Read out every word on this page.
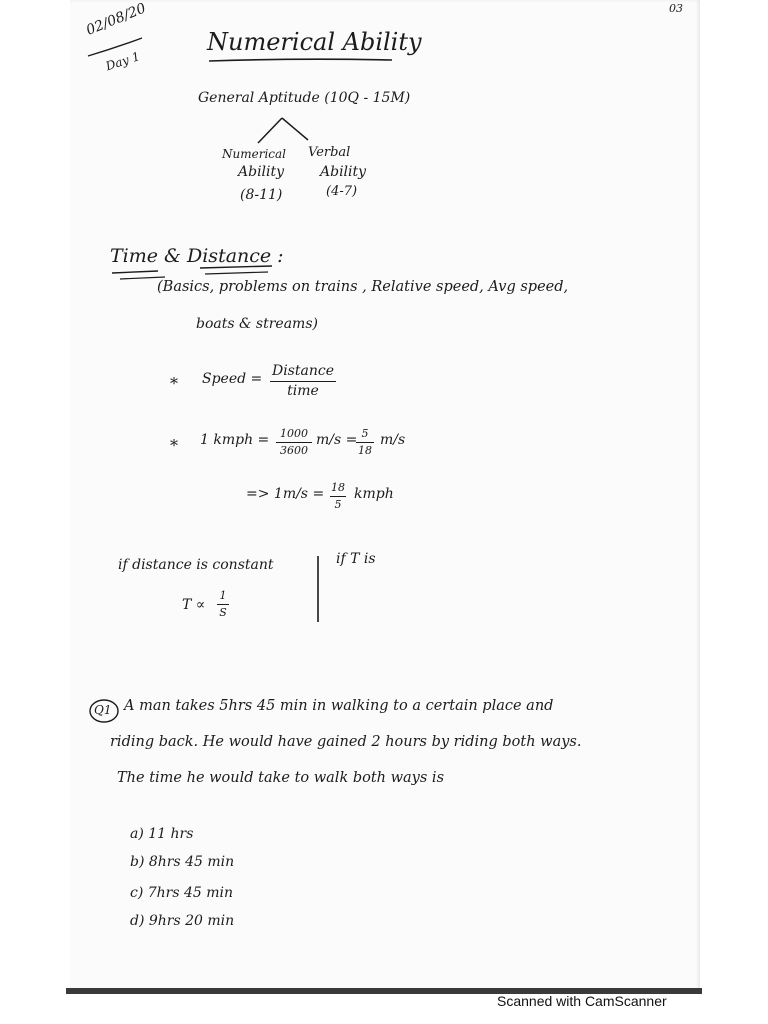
03
02/08/20
Day 1
Numerical Ability
General Aptitude (10Q - 15M)
Numerical
Ability
(8-11)
Verbal
Ability
(4-7)
Time & Distance :
(Basics, problems on trains , Relative speed, Avg speed,
boats & streams)
* Speed = Distance
time
* 1 kmph = 1000
3600
m/s = 5
18
m/s
=> 1m/s = 18
5
kmph
if distance is constant
T ∝
1
S
if T is
Q1 A man takes 5hrs 45 min in walking to a certain place and
riding back. He would have gained 2 hours by riding both ways.
The time he would take to walk both ways is
a) 11 hrs
b) 8hrs 45 min
c) 7hrs 45 min
d) 9hrs 20 min
Scanned with CamScanner
